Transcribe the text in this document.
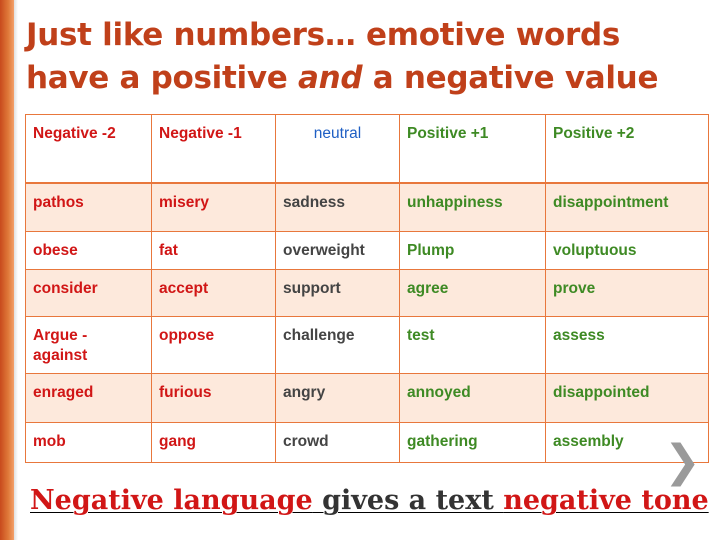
Just like numbers… emotive words
have a positive and a negative value
Negative -2	Negative -1	neutral	Positive +1	Positive +2
pathos	misery	sadness	unhappiness	disappointment
obese	fat	overweight	Plump	voluptuous
consider	accept	support	agree	prove
Argue - against	oppose	challenge	test	assess
enraged	furious	angry	annoyed	disappointed
mob	gang	crowd	gathering	assembly ❯
Negative language gives a text negative tone
